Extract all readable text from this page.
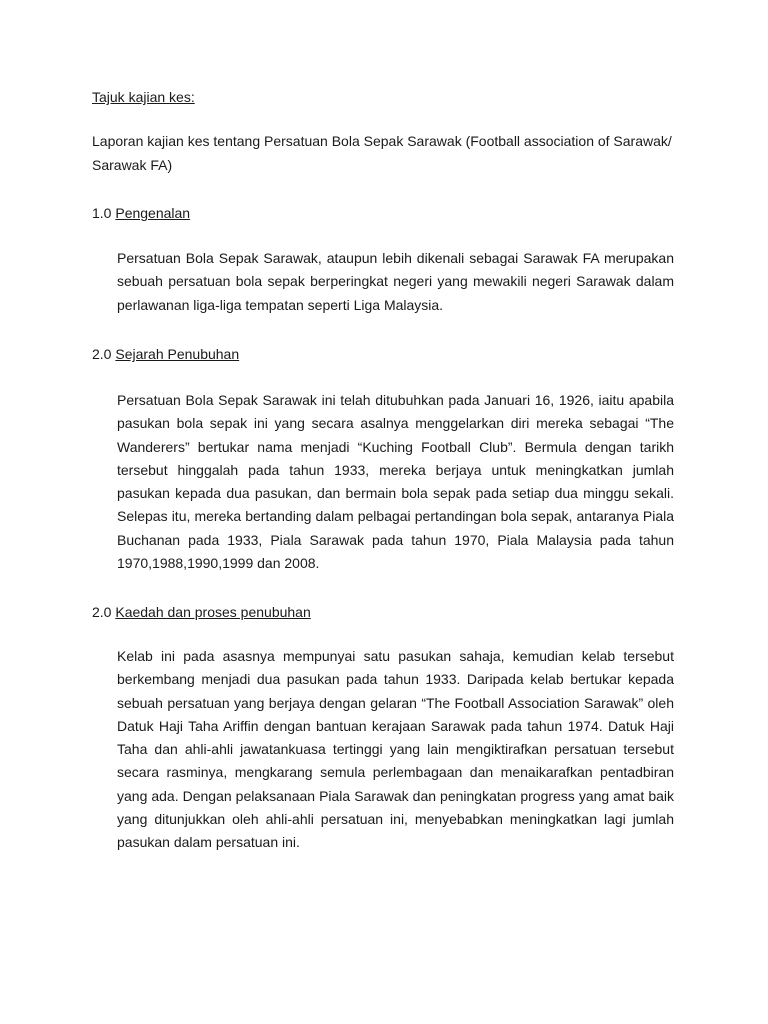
Tajuk kajian kes:
Laporan kajian kes tentang Persatuan Bola Sepak Sarawak (Football association of Sarawak/
Sarawak FA)
1.0 Pengenalan

Persatuan Bola Sepak Sarawak, ataupun lebih dikenali sebagai Sarawak FA merupakan sebuah persatuan bola sepak berperingkat negeri yang mewakili negeri Sarawak dalam perlawanan liga-liga tempatan seperti Liga Malaysia.

2.0 Sejarah Penubuhan

Persatuan Bola Sepak Sarawak ini telah ditubuhkan pada Januari 16, 1926, iaitu apabila pasukan bola sepak ini yang secara asalnya menggelarkan diri mereka sebagai “The Wanderers” bertukar nama menjadi “Kuching Football Club”. Bermula dengan tarikh tersebut hinggalah pada tahun 1933, mereka berjaya untuk meningkatkan jumlah pasukan kepada dua pasukan, dan bermain bola sepak pada setiap dua minggu sekali. Selepas itu, mereka bertanding dalam pelbagai pertandingan bola sepak, antaranya Piala Buchanan pada 1933, Piala Sarawak pada tahun 1970, Piala Malaysia pada tahun 1970,1988,1990,1999 dan 2008.

2.0 Kaedah dan proses penubuhan

Kelab ini pada asasnya mempunyai satu pasukan sahaja, kemudian kelab tersebut berkembang menjadi dua pasukan pada tahun 1933. Daripada kelab bertukar kepada sebuah persatuan yang berjaya dengan gelaran “The Football Association Sarawak” oleh Datuk Haji Taha Ariffin dengan bantuan kerajaan Sarawak pada tahun 1974. Datuk Haji Taha dan ahli-ahli jawatankuasa tertinggi yang lain mengiktirafkan persatuan tersebut secara rasminya, mengkarang semula perlembagaan dan menaikarafkan pentadbiran yang ada. Dengan pelaksanaan Piala Sarawak dan peningkatan progress yang amat baik yang ditunjukkan oleh ahli-ahli persatuan ini, menyebabkan meningkatkan lagi jumlah pasukan dalam persatuan ini.
